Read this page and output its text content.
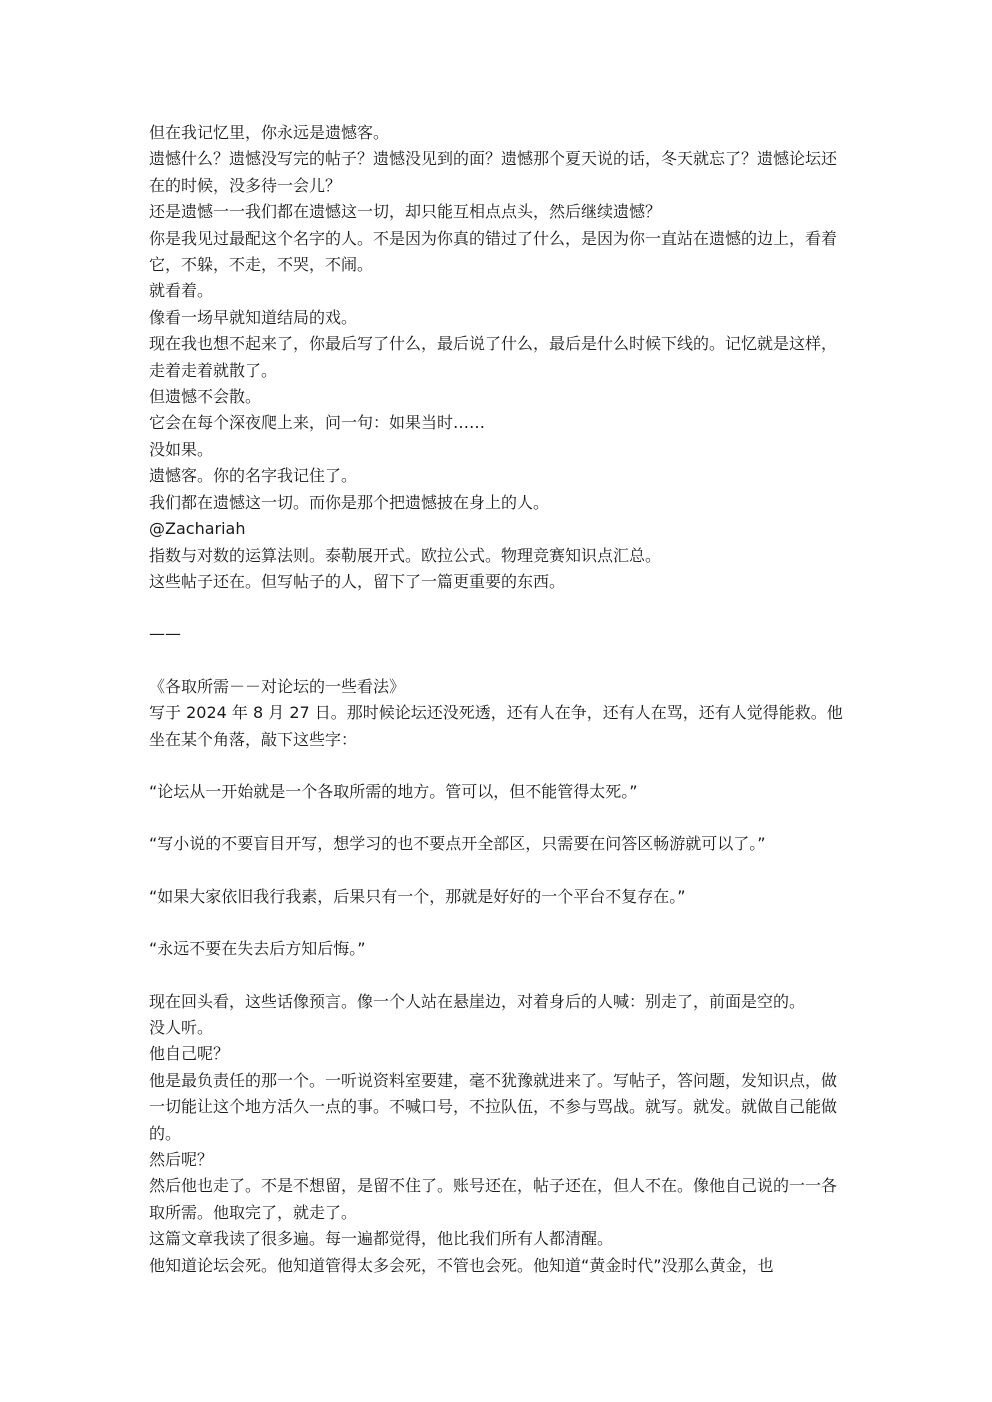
但在我记忆里，你永远是遗憾客。

遗憾什么？遗憾没写完的帖子？遗憾没见到的面？遗憾那个夏天说的话，冬天就忘了？遗憾论坛还在的时候，没多待一会儿？

还是遗憾一一我们都在遗憾这一切，却只能互相点点头，然后继续遗憾？

你是我见过最配这个名字的人。不是因为你真的错过了什么，是因为你一直站在遗憾的边上，看着它，不躲，不走，不哭，不闹。

就看着。

像看一场早就知道结局的戏。

现在我也想不起来了，你最后写了什么，最后说了什么，最后是什么时候下线的。记忆就是这样，走着走着就散了。

但遗憾不会散。

它会在每个深夜爬上来，问一句：如果当时……

没如果。

遗憾客。你的名字我记住了。

我们都在遗憾这一切。而你是那个把遗憾披在身上的人。

@Zachariah

指数与对数的运算法则。泰勒展开式。欧拉公式。物理竞赛知识点汇总。

这些帖子还在。但写帖子的人，留下了一篇更重要的东西。

——

《各取所需－－对论坛的一些看法》

写于 2024 年 8 月 27 日。那时候论坛还没死透，还有人在争，还有人在骂，还有人觉得能救。他坐在某个角落，敲下这些字：

“论坛从一开始就是一个各取所需的地方。管可以，但不能管得太死。”

“写小说的不要盲目开写，想学习的也不要点开全部区，只需要在问答区畅游就可以了。”

“如果大家依旧我行我素，后果只有一个，那就是好好的一个平台不复存在。”

“永远不要在失去后方知后悔。”

现在回头看，这些话像预言。像一个人站在悬崖边，对着身后的人喊：别走了，前面是空的。

没人听。

他自己呢？

他是最负责任的那一个。一听说资料室要建，毫不犹豫就进来了。写帖子，答问题，发知识点，做一切能让这个地方活久一点的事。不喊口号，不拉队伍，不参与骂战。就写。就发。就做自己能做的。

然后呢？

然后他也走了。不是不想留，是留不住了。账号还在，帖子还在，但人不在。像他自己说的一一各取所需。他取完了，就走了。

这篇文章我读了很多遍。每一遍都觉得，他比我们所有人都清醒。

他知道论坛会死。他知道管得太多会死，不管也会死。他知道“黄金时代”没那么黄金，也
